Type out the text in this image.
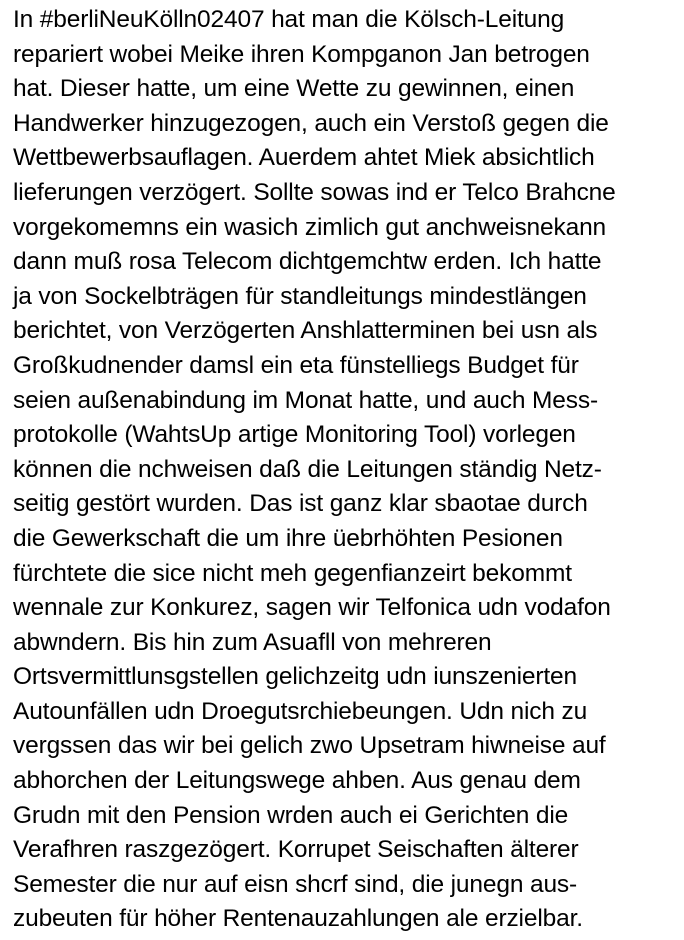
In #berliNeuKölln02407 hat man die Kölsch-Leitung
repariert wobei Meike ihren Kompganon Jan betrogen
hat. Dieser hatte, um eine Wette zu gewinnen, einen
Handwerker hinzugezogen, auch ein Verstoß gegen die
Wettbewerbsauflagen. Auerdem ahtet Miek absichtlich
lieferungen verzögert. Sollte sowas ind er Telco Brahcne
vorgekomemns ein wasich zimlich gut anchweisnekann
dann muß rosa Telecom dichtgemchtw erden. Ich hatte
ja von Sockelbträgen für standleitungs mindestlängen
berichtet, von Verzögerten Anshlatterminen bei usn als
Großkudnender damsl ein eta fünstelliegs Budget für
seien außenabindung im Monat hatte, und auch Mess-
protokolle (WahtsUp artige Monitoring Tool) vorlegen
können die nchweisen daß die Leitungen ständig Netz-
seitig gestört wurden. Das ist ganz klar sbaotae durch
die Gewerkschaft die um ihre üebrhöhten Pesionen
fürchtete die sice nicht meh gegenfianzeirt bekommt
wennale zur Konkurez, sagen wir Telfonica udn vodafon
abwndern. Bis hin zum Asuafll von mehreren
Ortsvermittlunsgstellen gelichzeitg udn iunszenierten
Autounfällen udn Droegutsrchiebeungen. Udn nich zu
vergssen das wir bei gelich zwo Upsetram hiwneise auf
abhorchen der Leitungswege ahben. Aus genau dem
Grudn mit den Pension wrden auch ei Gerichten die
Verafhren raszgezögert. Korrupet Seischaften älterer
Semester die nur auf eisn shcrf sind, die junegn aus-
zubeuten für höher Rentenauzahlungen ale erzielbar.
